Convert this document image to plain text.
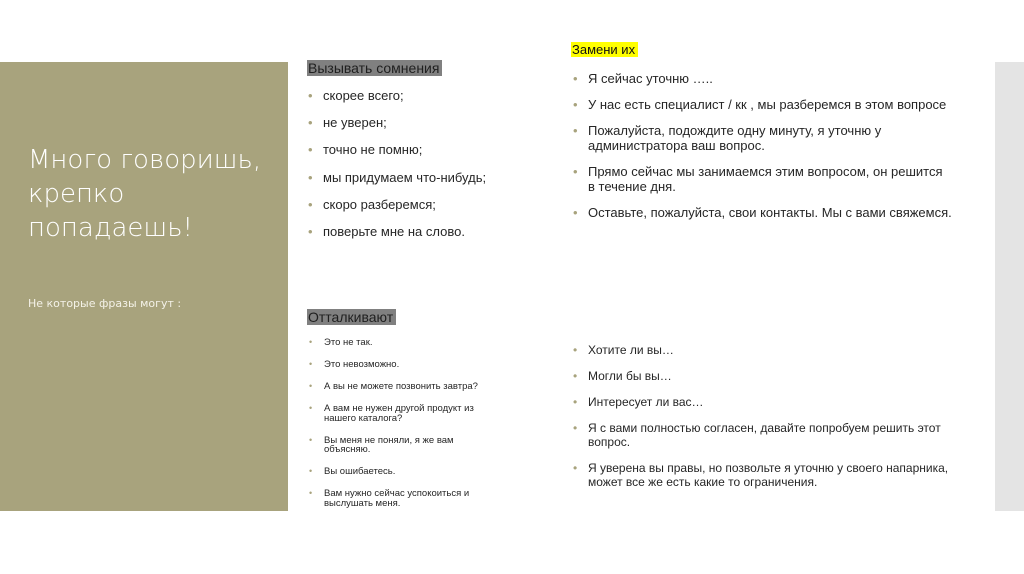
Много говоришь, крепко попадаешь!
Не которые фразы могут :
Вызывать сомнения
• скорее всего;
• не уверен;
• точно не помню;
• мы придумаем что-нибудь;
• скоро разберемся;
• поверьте мне на слово.
Отталкивают
• Это не так.
• Это невозможно.
• А вы не можете позвонить завтра?
• А вам не нужен другой продукт из нашего каталога?
• Вы меня не поняли, я же вам объясняю.
• Вы ошибаетесь.
• Вам нужно сейчас успокоиться и выслушать меня.
Замени их
• Я сейчас уточню …..
• У нас есть специалист / кк , мы разберемся в этом вопросе
• Пожалуйста, подождите одну минуту, я уточню у администратора ваш вопрос.
• Прямо сейчас мы занимаемся этим вопросом, он решится в течение дня.
• Оставьте, пожалуйста, свои контакты. Мы с вами свяжемся.
• Хотите ли вы…
• Могли бы вы…
• Интересует ли вас…
• Я с вами полностью согласен, давайте попробуем решить этот вопрос.
• Я уверена вы правы, но позвольте я уточню у своего напарника, может все же есть какие то ограничения.
